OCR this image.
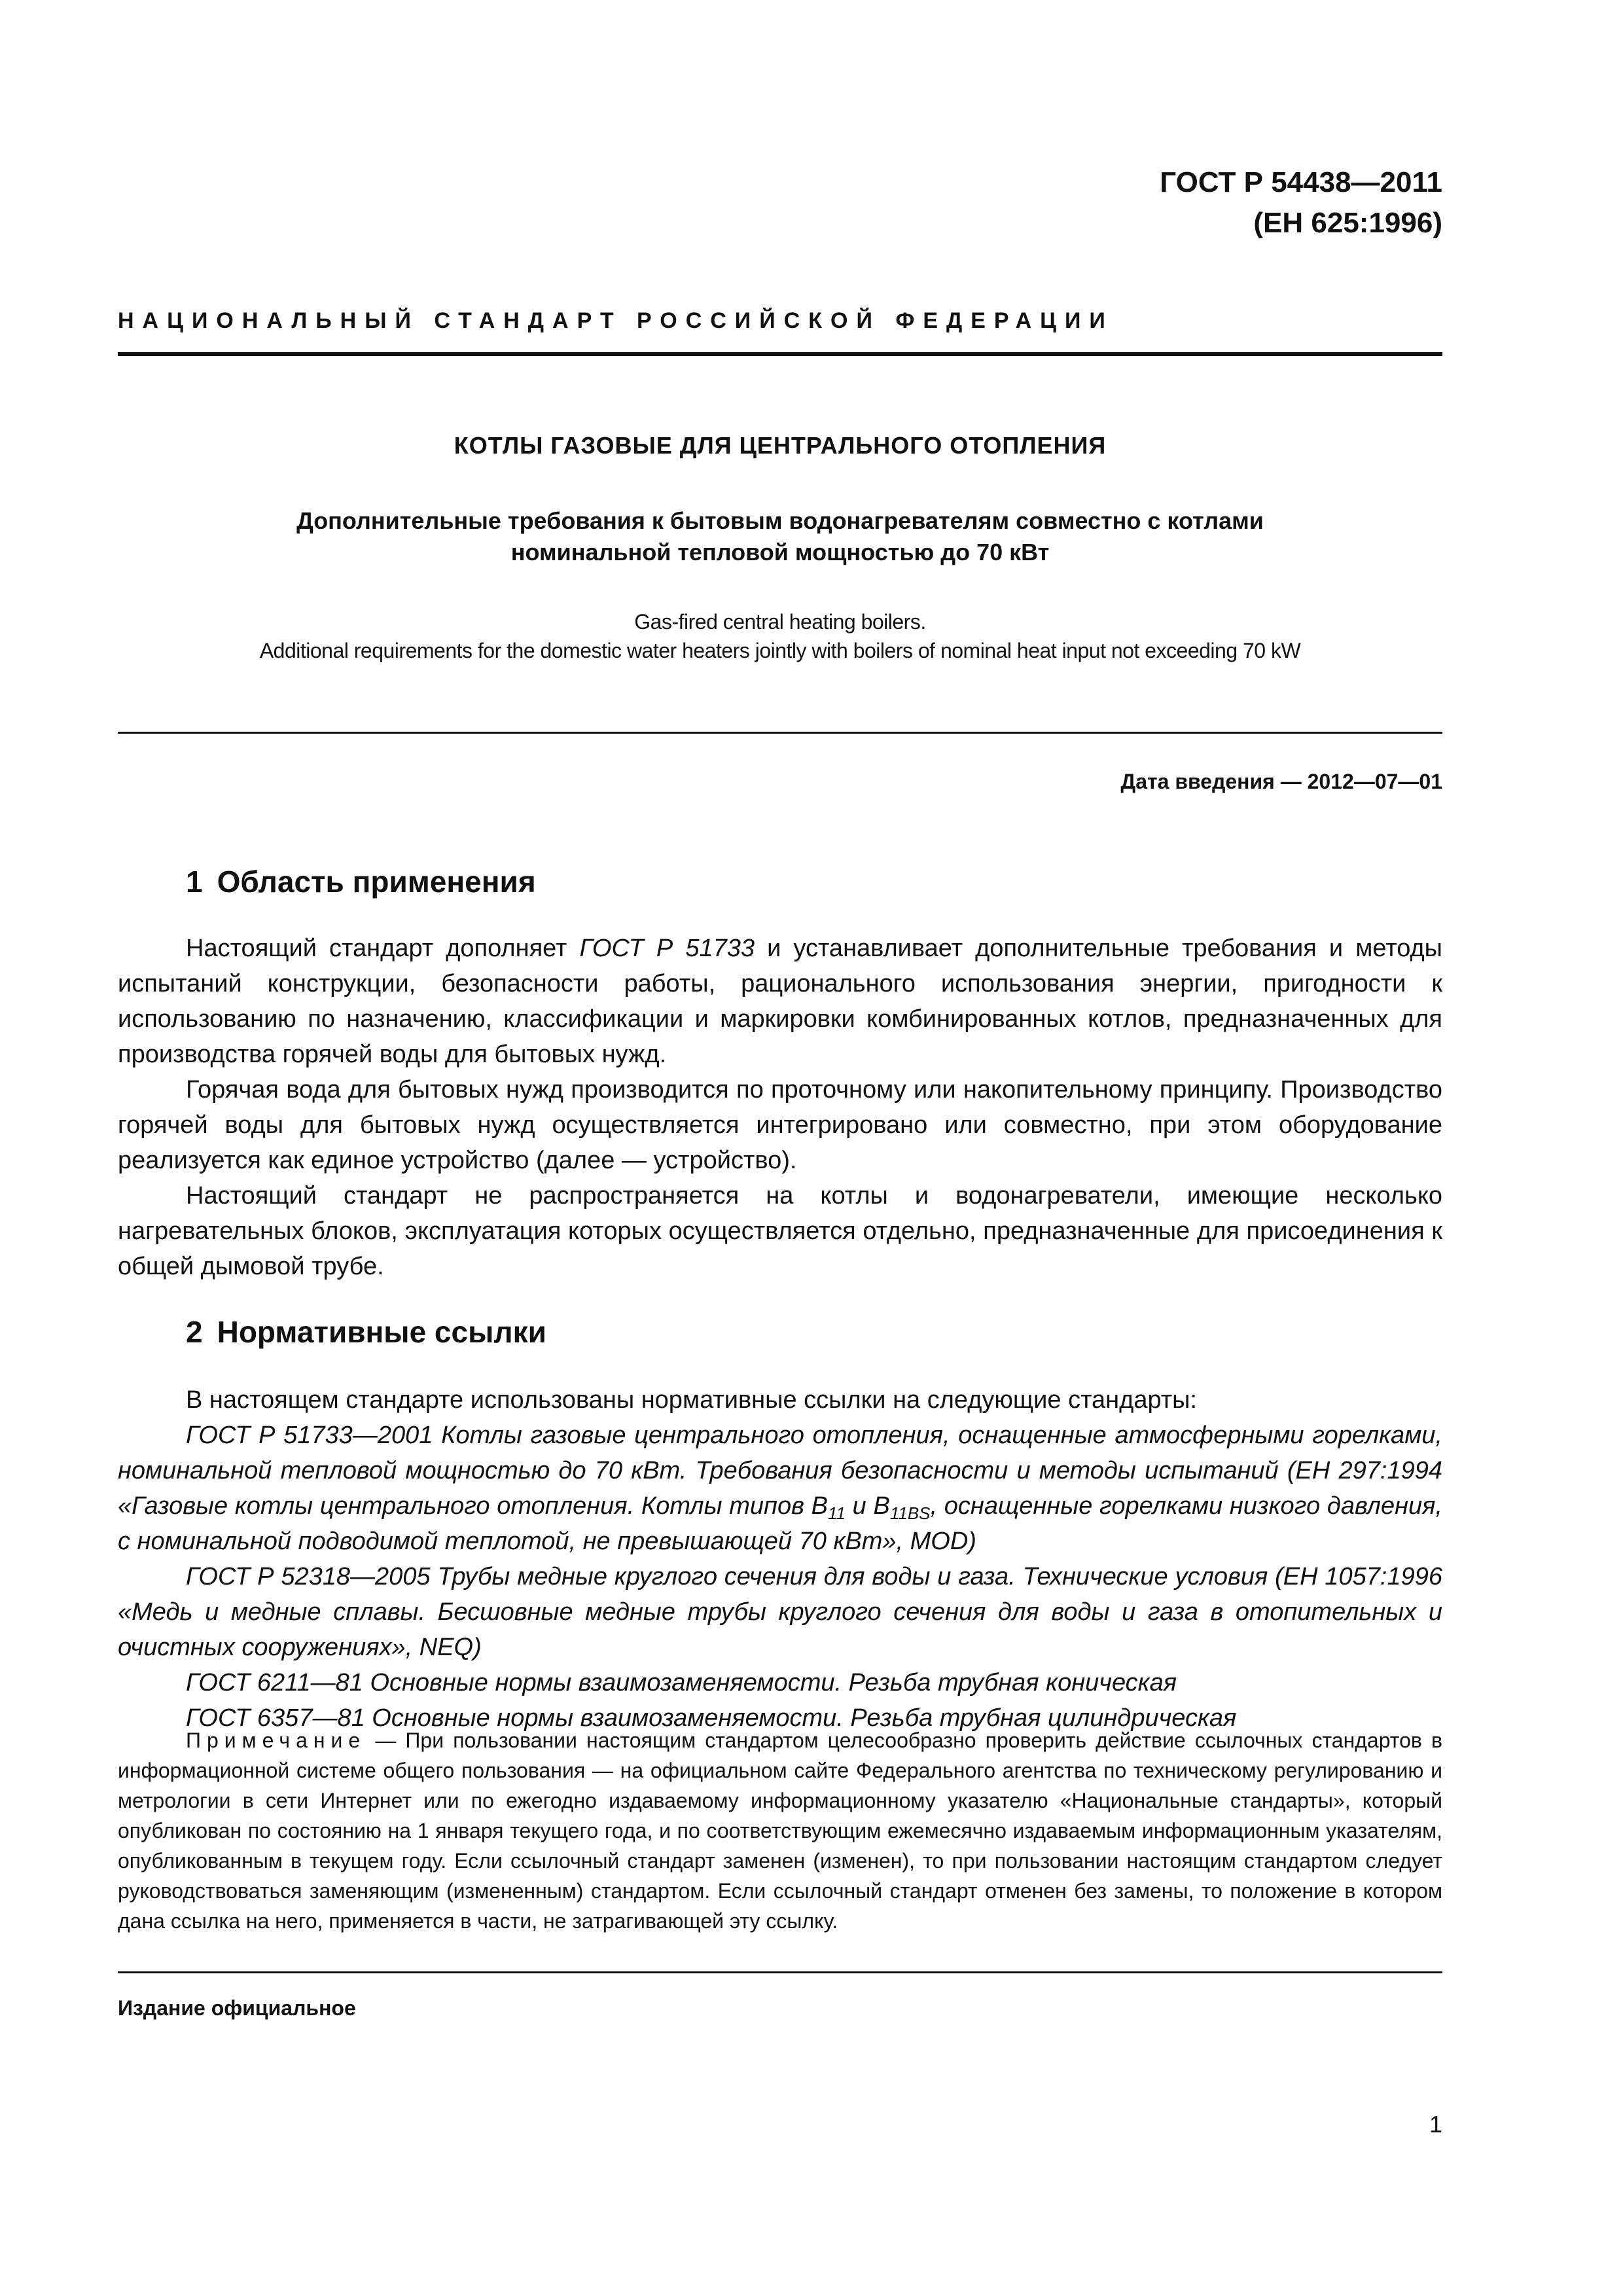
ГОСТ Р 54438—2011
(ЕН 625:1996)
НАЦИОНАЛЬНЫЙ СТАНДАРТ РОССИЙСКОЙ ФЕДЕРАЦИИ
КОТЛЫ ГАЗОВЫЕ ДЛЯ ЦЕНТРАЛЬНОГО ОТОПЛЕНИЯ
Дополнительные требования к бытовым водонагревателям совместно с котлами
номинальной тепловой мощностью до 70 кВт
Gas-fired central heating boilers.
Additional requirements for the domestic water heaters jointly with boilers of nominal heat input not exceeding 70 kW
Дата введения — 2012—07—01
1 Область применения

Настоящий стандарт дополняет ГОСТ Р 51733 и устанавливает дополнительные требования и методы испытаний конструкции, безопасности работы, рационального использования энергии, пригодности к использованию по назначению, классификации и маркировки комбинированных котлов, предназначенных для производства горячей воды для бытовых нужд.

Горячая вода для бытовых нужд производится по проточному или накопительному принципу. Производство горячей воды для бытовых нужд осуществляется интегрировано или совместно, при этом оборудование реализуется как единое устройство (далее — устройство).

Настоящий стандарт не распространяется на котлы и водонагреватели, имеющие несколько нагревательных блоков, эксплуатация которых осуществляется отдельно, предназначенные для присоединения к общей дымовой трубе.

2 Нормативные ссылки

В настоящем стандарте использованы нормативные ссылки на следующие стандарты:

ГОСТ Р 51733—2001 Котлы газовые центрального отопления, оснащенные атмосферными горелками, номинальной тепловой мощностью до 70 кВт. Требования безопасности и методы испытаний (ЕН 297:1994 «Газовые котлы центрального отопления. Котлы типов $B_{11}$ и $B_{11BS}$, оснащенные горелками низкого давления, с номинальной подводимой теплотой, не превышающей 70 кВт», MOD)

ГОСТ Р 52318—2005 Трубы медные круглого сечения для воды и газа. Технические условия (ЕН 1057:1996 «Медь и медные сплавы. Бесшовные медные трубы круглого сечения для воды и газа в отопительных и очистных сооружениях», NEQ)

ГОСТ 6211—81 Основные нормы взаимозаменяемости. Резьба трубная коническая

ГОСТ 6357—81 Основные нормы взаимозаменяемости. Резьба трубная цилиндрическая

Примечание — При пользовании настоящим стандартом целесообразно проверить действие ссылочных стандартов в информационной системе общего пользования — на официальном сайте Федерального агентства по техническому регулированию и метрологии в сети Интернет или по ежегодно издаваемому информационному указателю «Национальные стандарты», который опубликован по состоянию на 1 января текущего года, и по соответствующим ежемесячно издаваемым информационным указателям, опубликованным в текущем году. Если ссылочный стандарт заменен (изменен), то при пользовании настоящим стандартом следует руководствоваться заменяющим (измененным) стандартом. Если ссылочный стандарт отменен без замены, то положение в котором дана ссылка на него, применяется в части, не затрагивающей эту ссылку.

Издание официальное
1
